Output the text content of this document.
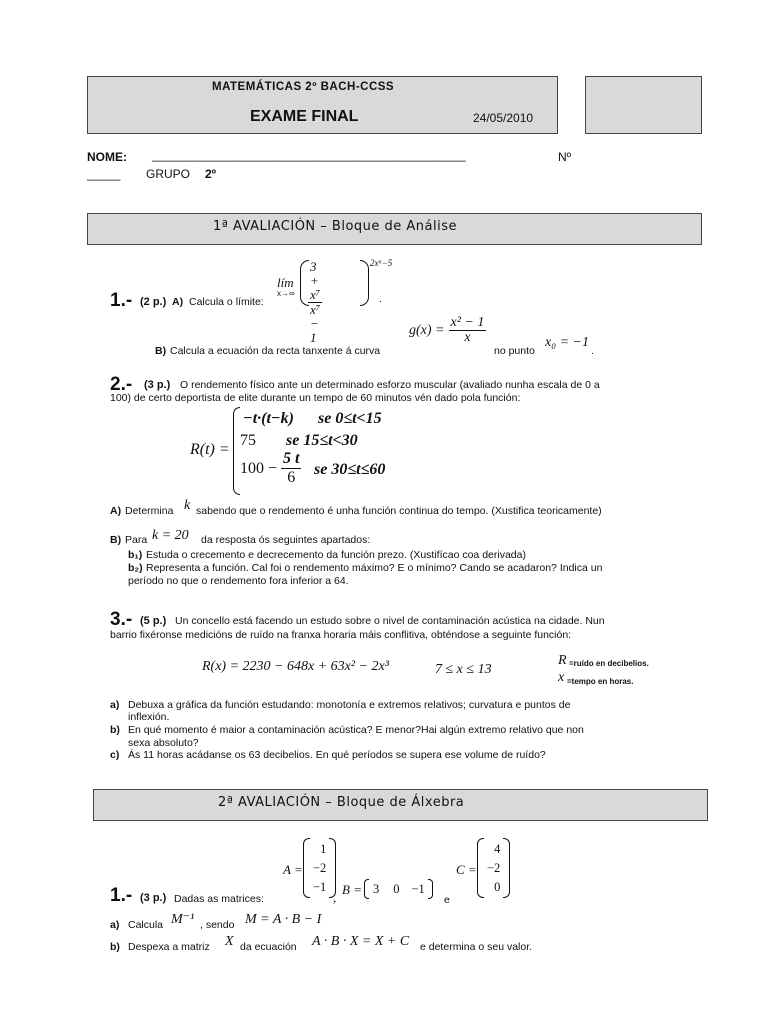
MATEMÁTICAS 2º BACH-CCSS
EXAME FINAL	24/05/2010
NOME: _______________________________________________	Nº
_____ GRUPO 2º
1ª AVALIACIÓN – Bloque de Análise
1.- (2 p.) A) Calcula o límite:
lím
$x\to\infty \frac{\text{3 + x⁷}}{\text{x⁷ − 1}}$	2x⁶−5
.
B) Calcula a ecuación da recta tanxente á curva
$g(x) = \frac{\text{x² − 1}}{x}$
no punto
x₀ = −1
.
2.- (3 p.) O rendemento físico ante un determinado esforzo muscular (avaliado nunha escala de 0 a
100) de certo deportista de elite durante un tempo de 60 minutos vén dado pola función:
R(t) =
−t·(t−k) se 0≤t<15
75 se 15≤t<30
$100 - \frac{5 t}{6}$ se 30≤t≤60
A) Determina k sabendo que o rendemento é unha función continua do tempo. (Xustifica teoricamente)
B) Para k = 20 da resposta ós seguintes apartados:
b₁) Estuda o crecemento e decrecemento da función prezo. (Xustifícao coa derivada)
b₂) Representa a función. Cal foi o rendemento máximo? E o mínimo? Cando se acadaron? Indica un
período no que o rendemento fora inferior a 64.
3.- (5 p.) Un concello está facendo un estudo sobre o nivel de contaminación acústica na cidade. Nun
barrio fixéronse medicións de ruído na franxa horaria máis conflitiva, obténdose a seguinte función:
R(x) = 2230 − 648x + 63x² − 2x³	7 ≤ x ≤ 13
R =ruído en decibelios.
x =tempo en horas.
a) Debuxa a gráfica da función estudando: monotonía e extremos relativos; curvatura e puntos de
inflexión.
b) En qué momento é maior a contaminación acústica? E menor?Hai algún extremo relativo que non
sexa absoluto?
c) Ás 11 horas acádanse os 63 decibelios. En qué períodos se supera ese volume de ruído?
2ª AVALIACIÓN – Bloque de Álxebra
A =
1
−2
−1
,
B = 3 0 −1
e
C =
4
−2
0
1.- (3 p.) Dadas as matrices:
a) Calcula M⁻¹ , sendo M = A · B − I
b) Despexa a matriz X da ecuación A · B · X = X + C e determina o seu valor.
